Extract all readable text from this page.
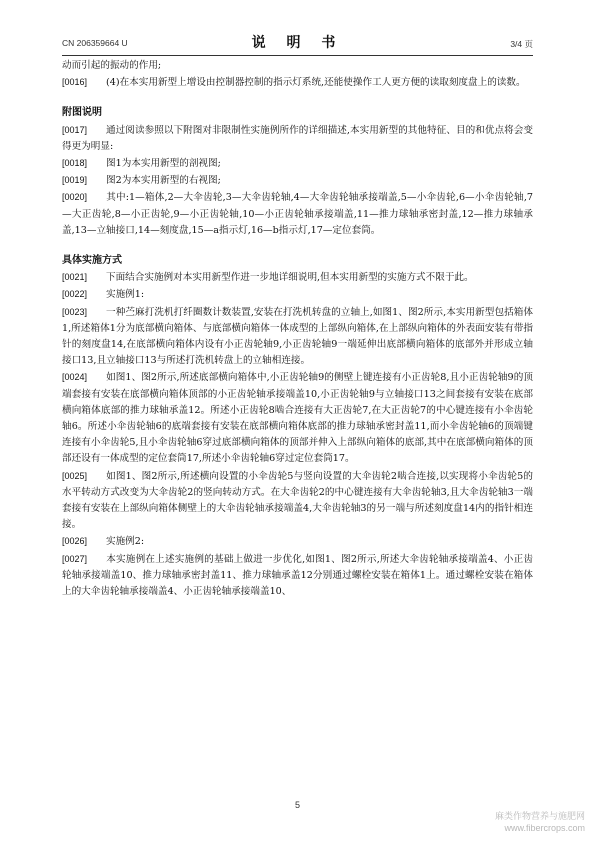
CN 206359664 U	说 明 书	3/4 页

动而引起的振动的作用;

[0016] (4)在本实用新型上增设由控制器控制的指示灯系统,还能使操作工人更方便的读取刻度盘上的读数。

附图说明

[0017] 通过阅读参照以下附图对非限制性实施例所作的详细描述,本实用新型的其他特征、目的和优点将会变得更为明显:

[0018] 图1为本实用新型的剖视图;

[0019] 图2为本实用新型的右视图;

[0020] 其中:1—箱体,2—大伞齿轮,3—大伞齿轮轴,4—大伞齿轮轴承接端盖,5—小伞齿轮,6—小伞齿轮轴,7—大正齿轮,8—小正齿轮,9—小正齿轮轴,10—小正齿轮轴承接端盖,11—推力球轴承密封盖,12—推力球轴承盖,13—立轴接口,14—刻度盘,15—a指示灯,16—b指示灯,17—定位套筒。

具体实施方式

[0021] 下面结合实施例对本实用新型作进一步地详细说明,但本实用新型的实施方式不限于此。

[0022] 实施例1:

[0023] 一种苎麻打洗机打纤圈数计数装置,安装在打洗机转盘的立轴上,如图1、图2所示,本实用新型包括箱体1,所述箱体1分为底部横向箱体、与底部横向箱体一体成型的上部纵向箱体,在上部纵向箱体的外表面安装有带指针的刻度盘14,在底部横向箱体内设有小正齿轮轴9,小正齿轮轴9一端延伸出底部横向箱体的底部外并形成立轴接口13,且立轴接口13与所述打洗机转盘上的立轴相连接。

[0024] 如图1、图2所示,所述底部横向箱体中,小正齿轮轴9的侧壁上键连接有小正齿轮8,且小正齿轮轴9的顶端套接有安装在底部横向箱体顶部的小正齿轮轴承接端盖10,小正齿轮轴9与立轴接口13之间套接有安装在底部横向箱体底部的推力球轴承盖12。所述小正齿轮8啮合连接有大正齿轮7,在大正齿轮7的中心键连接有小伞齿轮轴6。所述小伞齿轮轴6的底端套接有安装在底部横向箱体底部的推力球轴承密封盖11,而小伞齿轮轴6的顶端键连接有小伞齿轮5,且小伞齿轮轴6穿过底部横向箱体的顶部并伸入上部纵向箱体的底部,其中在底部横向箱体的顶部还设有一体成型的定位套筒17,所述小伞齿轮轴6穿过定位套筒17。

[0025] 如图1、图2所示,所述横向设置的小伞齿轮5与竖向设置的大伞齿轮2啮合连接,以实现将小伞齿轮5的水平转动方式改变为大伞齿轮2的竖向转动方式。在大伞齿轮2的中心键连接有大伞齿轮轴3,且大伞齿轮轴3一端套接有安装在上部纵向箱体侧壁上的大伞齿轮轴承接端盖4,大伞齿轮轴3的另一端与所述刻度盘14内的指针相连接。

[0026] 实施例2:

[0027] 本实施例在上述实施例的基础上做进一步优化,如图1、图2所示,所述大伞齿轮轴承接端盖4、小正齿轮轴承接端盖10、推力球轴承密封盖11、推力球轴承盖12分别通过螺栓安装在箱体1上。通过螺栓安装在箱体上的大伞齿轮轴承接端盖4、小正齿轮轴承接端盖10、

5
麻类作物营养与施肥网
www.fibercrops.com
